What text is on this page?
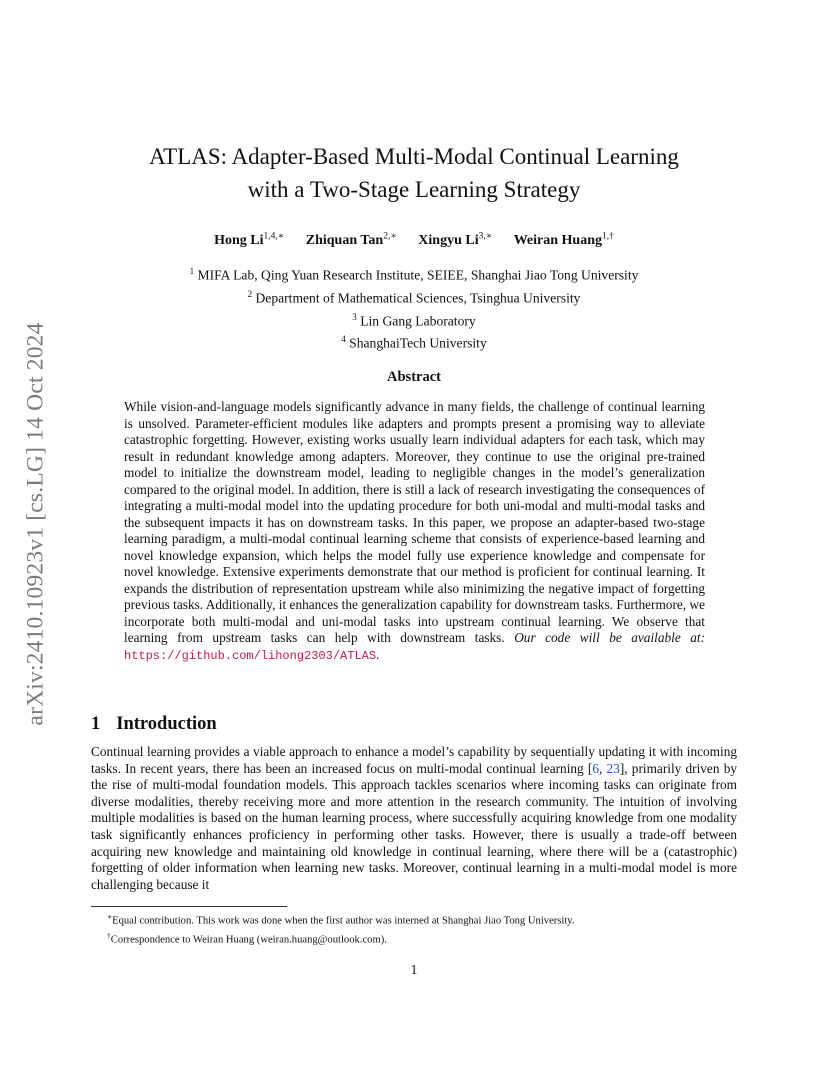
arXiv:2410.10923v1 [cs.LG] 14 Oct 2024
ATLAS: Adapter-Based Multi-Modal Continual Learning
with a Two-Stage Learning Strategy
Hong $Li^{1,4,∗}$ Zhiquan Tan$^{2,∗}$ Xingyu $Li^{3,∗}$ Weiran Huang$^{1,\dagger}$
$^1$ MIFA Lab, Qing Yuan Research Institute, SEIEE, Shanghai Jiao Tong University
$^2$ Department of Mathematical Sciences, Tsinghua University
$^3$ Lin Gang Laboratory
$^4$ ShanghaiTech University
Abstract
While vision-and-language models significantly advance in many fields, the challenge of continual learning is unsolved. Parameter-efficient modules like adapters and prompts present a promising way to alleviate catastrophic forgetting. However, existing works usually learn individual adapters for each task, which may result in redundant knowledge among adapters. Moreover, they continue to use the original pre-trained model to initialize the downstream model, leading to negligible changes in the model’s generalization compared to the original model. In addition, there is still a lack of research investigating the consequences of integrating a multi-modal model into the updating procedure for both uni-modal and multi-modal tasks and the subsequent impacts it has on downstream tasks. In this paper, we propose an adapter-based two-stage learning paradigm, a multi-modal continual learning scheme that consists of experience-based learning and novel knowledge expansion, which helps the model fully use experience knowledge and compensate for novel knowledge. Extensive experiments demonstrate that our method is proficient for continual learning. It expands the distribution of representation upstream while also minimizing the negative impact of forgetting previous tasks. Additionally, it enhances the generalization capability for downstream tasks. Furthermore, we incorporate both multi-modal and uni-modal tasks into upstream continual learning. We observe that learning from upstream tasks can help with downstream tasks. Our code will be available at: https://github.com/lihong2303/ATLAS.
1 Introduction
Continual learning provides a viable approach to enhance a model’s capability by sequentially updating it with incoming tasks. In recent years, there has been an increased focus on multi-modal continual learning [6, 23], primarily driven by the rise of multi-modal foundation models. This approach tackles scenarios where incoming tasks can originate from diverse modalities, thereby receiving more and more attention in the research community. The intuition of involving multiple modalities is based on the human learning process, where successfully acquiring knowledge from one modality task significantly enhances proficiency in performing other tasks. However, there is usually a trade-off between acquiring new knowledge and maintaining old knowledge in continual learning, where there will be a (catastrophic) forgetting of older information when learning new tasks. Moreover, continual learning in a multi-modal model is more challenging because it
∗Equal contribution. This work was done when the first author was interned at Shanghai Jiao Tong University.
†Correspondence to Weiran Huang (weiran.huang@outlook.com).
1
